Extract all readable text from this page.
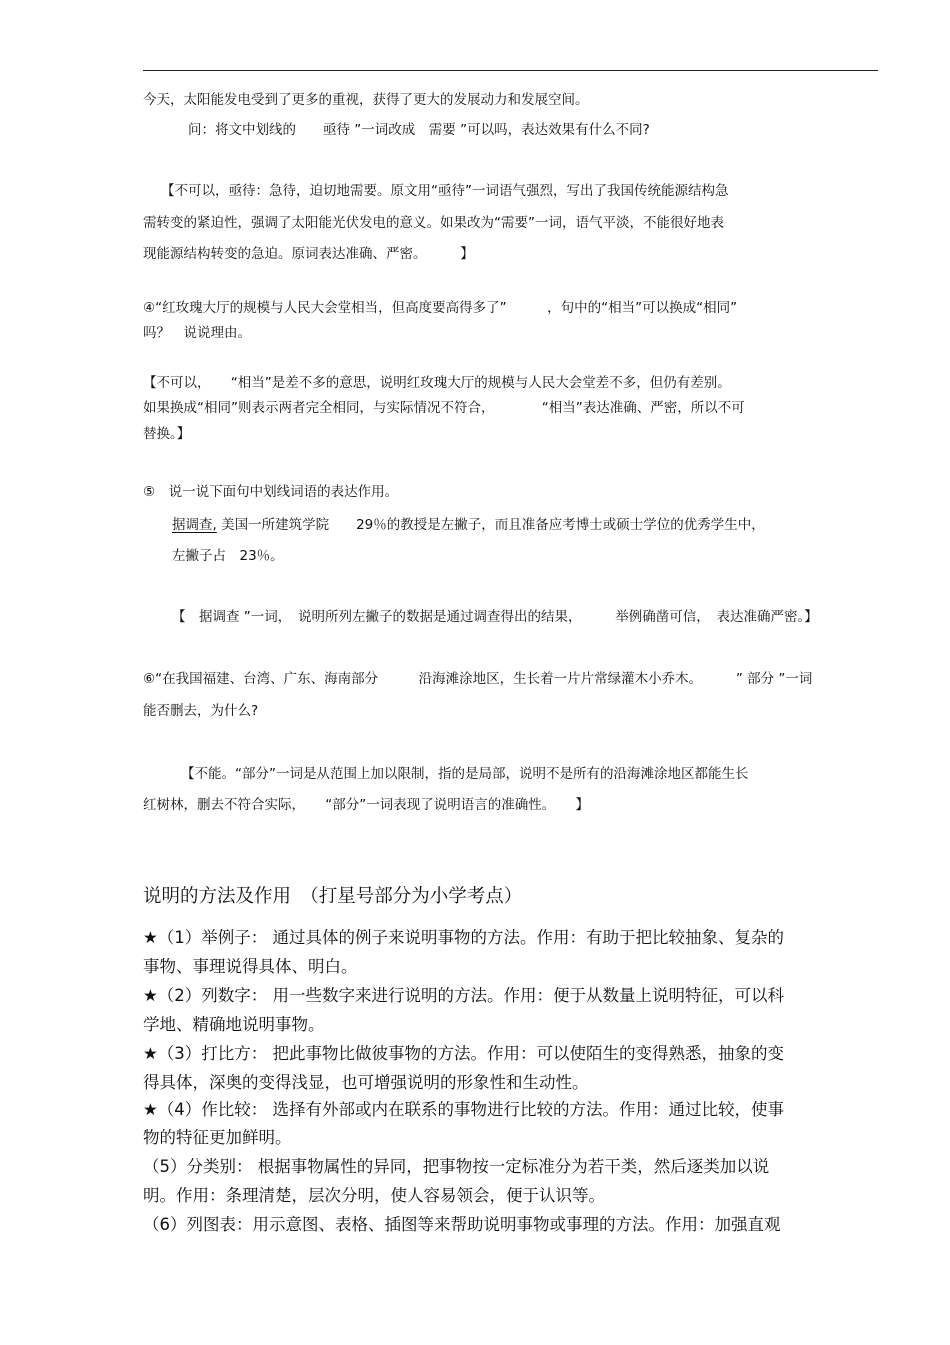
今天，太阳能发电受到了更多的重视，获得了更大的发展动力和发展空间。
问：将文中划线的　　亟待 ”一词改成　需要 ”可以吗，表达效果有什么不同?
【不可以，亟待：急待，迫切地需要。原文用“亟待”一词语气强烈，写出了我国传统能源结构急
需转变的紧迫性，强调了太阳能光伏发电的意义。如果改为“需要”一词，语气平淡，不能很好地表
现能源结构转变的急迫。原词表达准确、严密。　　　】
④“红玫瑰大厅的规模与人民大会堂相当，但高度要高得多了”　　　，句中的“相当”可以换成“相同”
吗？　说说理由。
【不可以，　　“相当”是差不多的意思，说明红玫瑰大厅的规模与人民大会堂差不多，但仍有差别。
如果换成“相同”则表示两者完全相同，与实际情况不符合，　　　　“相当”表达准确、严密，所以不可
替换。】
⑤　说一说下面句中划线词语的表达作用。
据调查, 美国一所建筑学院　　29％的教授是左撇子，而且准备应考博士或硕士学位的优秀学生中，
左撇子占　23％。
【　据调查 ”一词，　说明所列左撇子的数据是通过调查得出的结果，　　　举例确凿可信，　表达准确严密。】
⑥“在我国福建、台湾、广东、海南部分　　　沿海滩涂地区，生长着一片片常绿灌木小乔木。　　　” 部分 ”一词
能否删去，为什么?
【不能。“部分”一词是从范围上加以限制，指的是局部，说明不是所有的沿海滩涂地区都能生长
红树林，删去不符合实际，　　“部分”一词表现了说明语言的准确性。　　】
说明的方法及作用　（打星号部分为小学考点）
★（1）举例子： 通过具体的例子来说明事物的方法。作用：有助于把比较抽象、复杂的
事物、事理说得具体、明白。
★（2）列数字： 用一些数字来进行说明的方法。作用：便于从数量上说明特征，可以科
学地、精确地说明事物。
★（3）打比方： 把此事物比做彼事物的方法。作用：可以使陌生的变得熟悉，抽象的变
得具体，深奥的变得浅显，也可增强说明的形象性和生动性。
★（4）作比较： 选择有外部或内在联系的事物进行比较的方法。作用：通过比较，使事
物的特征更加鲜明。
（5）分类别： 根据事物属性的异同，把事物按一定标准分为若干类，然后逐类加以说
明。作用：条理清楚，层次分明，使人容易领会，便于认识等。
（6）列图表：用示意图、表格、插图等来帮助说明事物或事理的方法。作用：加强直观
